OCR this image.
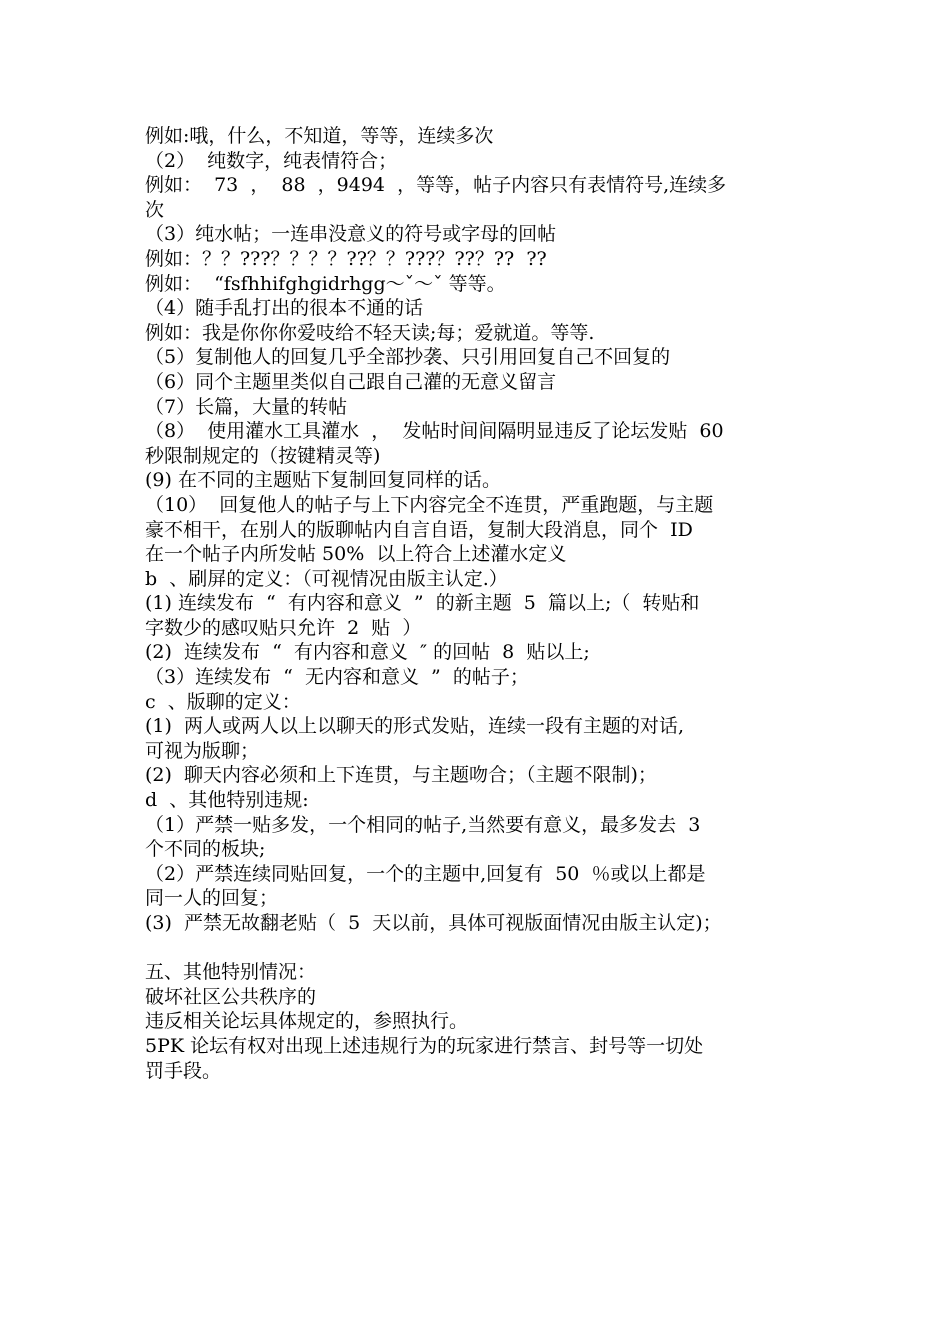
例如:哦，什么，不知道，等等，连续多次
（2）  纯数字，纯表情符合；
例如：  73  ，  88  ，9494  ，等等，帖子内容只有表情符号,连续多
次
（3）纯水帖；一连串没意义的符号或字母的回帖
例如：？？???？？？？??？？???？??？??  ??
例如：  “fsfhhifghgidrhgg～ˇ～ˇ 等等。
（4）随手乱打出的很本不通的话
例如：我是你你你爱吱给不轻天读;每；爱就道。等等.
（5）复制他人的回复几乎全部抄袭、只引用回复自己不回复的
（6）同个主题里类似自己跟自己灌的无意义留言
（7）长篇，大量的转帖
（8）  使用灌水工具灌水  ，  发帖时间间隔明显违反了论坛发贴  60
秒限制规定的（按键精灵等)
(9) 在不同的主题贴下复制回复同样的话。
（10）  回复他人的帖子与上下内容完全不连贯，严重跑题，与主题
豪不相干，在别人的版聊帖内自言自语，复制大段消息，同个  ID
在一个帖子内所发帖 50%  以上符合上述灌水定义
b  、刷屏的定义：（可视情况由版主认定.）
(1) 连续发布  “  有内容和意义  ”  的新主题  5  篇以上;（  转贴和
字数少的感叹贴只允许  2  贴  ）
(2)  连续发布  “  有内容和意义  ″ 的回帖  8  贴以上;
（3）连续发布  “  无内容和意义  ”  的帖子；
c  、版聊的定义：
(1)  两人或两人以上以聊天的形式发贴，连续一段有主题的对话,
可视为版聊；
(2)  聊天内容必须和上下连贯，与主题吻合；（主题不限制)；
d  、其他特别违规:
（1）严禁一贴多发，一个相同的帖子,当然要有意义，最多发去  3
个不同的板块;
（2）严禁连续同贴回复，一个的主题中,回复有  50  ％或以上都是
同一人的回复；
(3)  严禁无故翻老贴（  5  天以前，具体可视版面情况由版主认定)；
五、其他特别情况：
破坏社区公共秩序的
违反相关论坛具体规定的，参照执行。
5PK 论坛有权对出现上述违规行为的玩家进行禁言、封号等一切处
罚手段。
